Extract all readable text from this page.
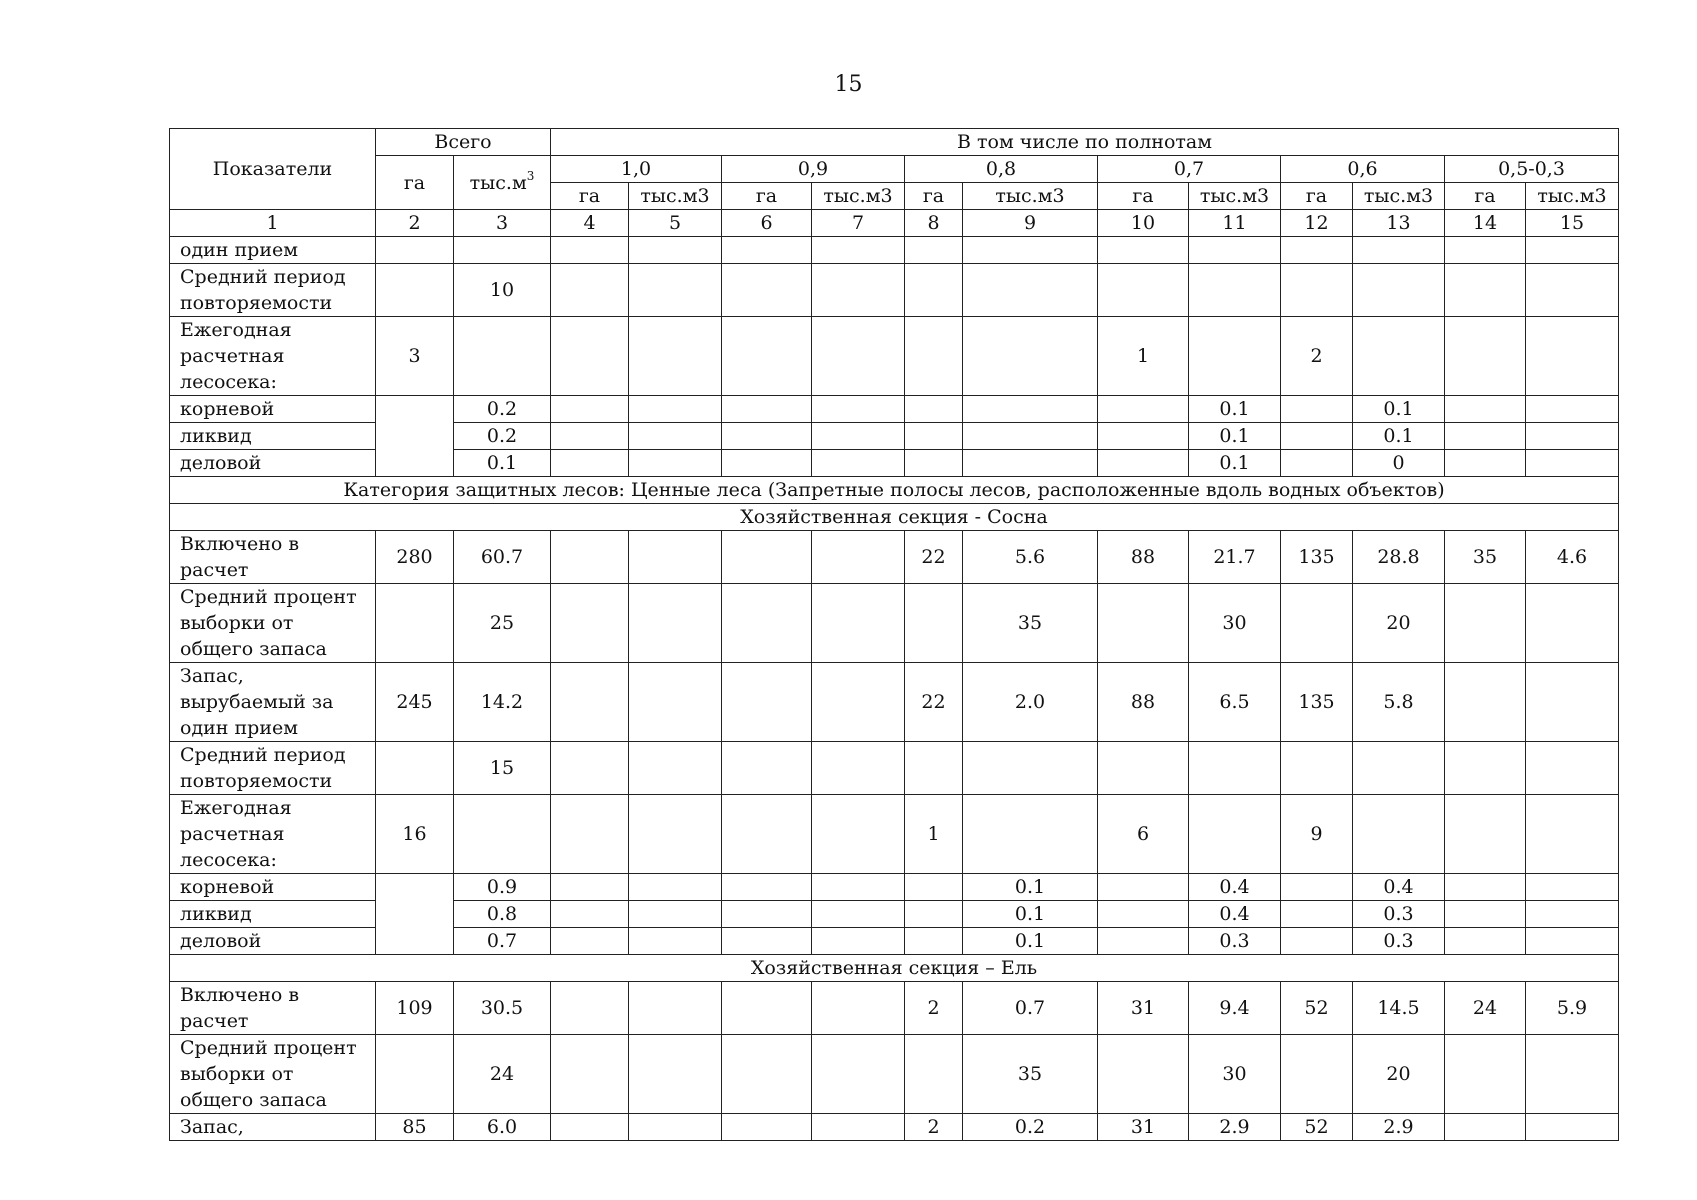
15
Показатели	Всего		В том числе по полнотам											
	га	$тыс.м^3$	1,0		0,9		0,8		0,7		0,6		0,5-0,3	
			га	тыс.м3	га	тыс.м3	га	тыс.м3	га	тыс.м3	га	тыс.м3	га	тыс.м3
1	2	3	4	5	6	7	8	9	10	11	12	13	14	15
один прием														
Средний период повторяемости		10												
Ежегодная расчетная лесосека:	3								1		2			
корневой		0.2								0.1		0.1		
ликвид		0.2								0.1		0.1		
деловой		0.1								0.1		0		
Категория защитных лесов: Ценные леса (Запретные полосы лесов, расположенные вдоль водных объектов)														
Хозяйственная секция - Сосна														
Включено в расчет	280	60.7					22	5.6	88	21.7	135	28.8	35	4.6
Средний процент выборки от общего запаса		25						35		30		20		
Запас, вырубаемый за один прием	245	14.2					22	2.0	88	6.5	135	5.8		
Средний период повторяемости		15												
Ежегодная расчетная лесосека:	16						1		6		9			
корневой		0.9						0.1		0.4		0.4		
ликвид		0.8						0.1		0.4		0.3		
деловой		0.7						0.1		0.3		0.3		
Хозяйственная секция – Ель														
Включено в расчет	109	30.5					2	0.7	31	9.4	52	14.5	24	5.9
Средний процент выборки от общего запаса		24						35		30		20		
Запас,	85	6.0					2	0.2	31	2.9	52	2.9		
